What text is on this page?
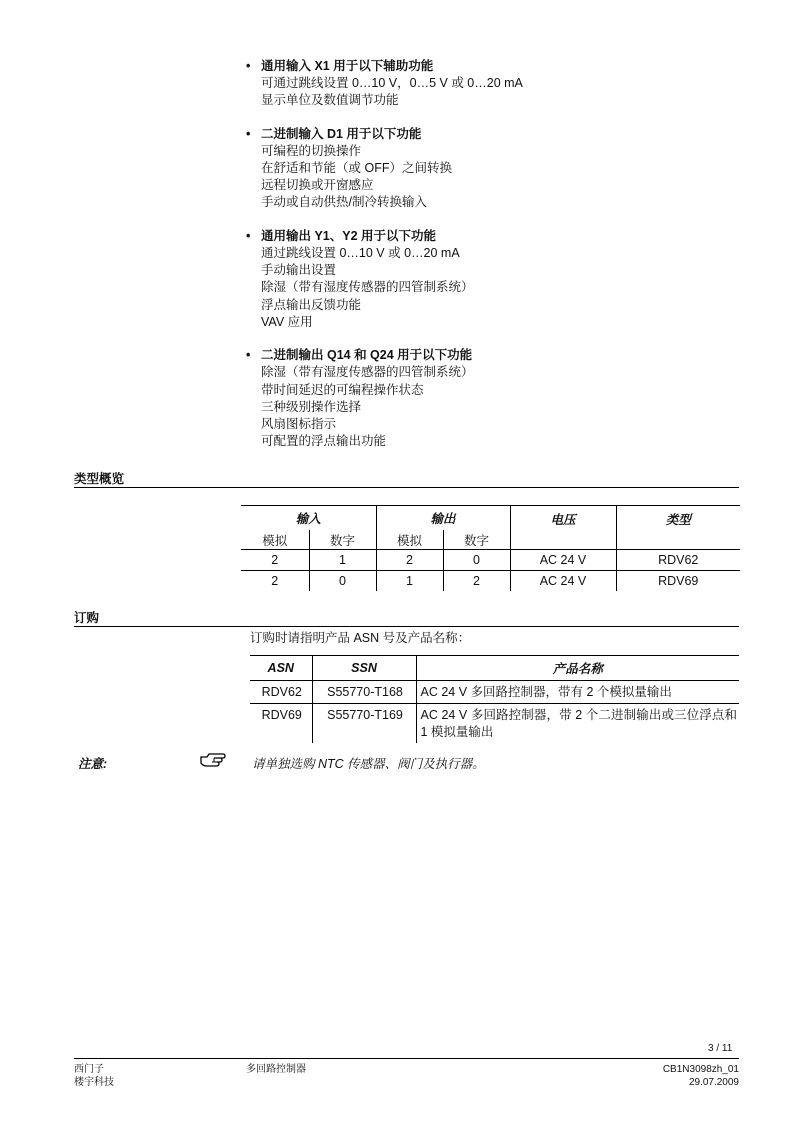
• 通用输入 X1 用于以下辅助功能
可通过跳线设置 0…10 V，0…5 V 或 0…20 mA
显示单位及数值调节功能
• 二进制输入 D1 用于以下功能
可编程的切换操作
在舒适和节能（或 OFF）之间转换
远程切换或开窗感应
手动或自动供热/制冷转换输入
• 通用输出 Y1、Y2 用于以下功能
通过跳线设置 0…10 V 或 0…20 mA
手动输出设置
除湿（带有湿度传感器的四管制系统）
浮点输出反馈功能
VAV 应用
• 二进制输出 Q14 和 Q24 用于以下功能
除湿（带有湿度传感器的四管制系统）
带时间延迟的可编程操作状态
三种级别操作选择
风扇图标指示
可配置的浮点输出功能
类型概览
输入		输出		电压	类型
模拟	数字	模拟	数字		
2	1	2	0	AC 24 V	RDV62
2	0	1	2	AC 24 V	RDV69
订购
订购时请指明产品 ASN 号及产品名称：
ASN	SSN	产品名称
RDV62	S55770-T168	AC 24 V 多回路控制器，带有 2 个模拟量输出
RDV69	S55770-T169	AC 24 V 多回路控制器，带 2 个二进制输出或三位浮点和 1 模拟量输出
注意:	请单独选购 NTC 传感器、阀门及执行器。
3 / 11
西门子
楼宇科技
多回路控制器	CB1N3098zh_01
29.07.2009
